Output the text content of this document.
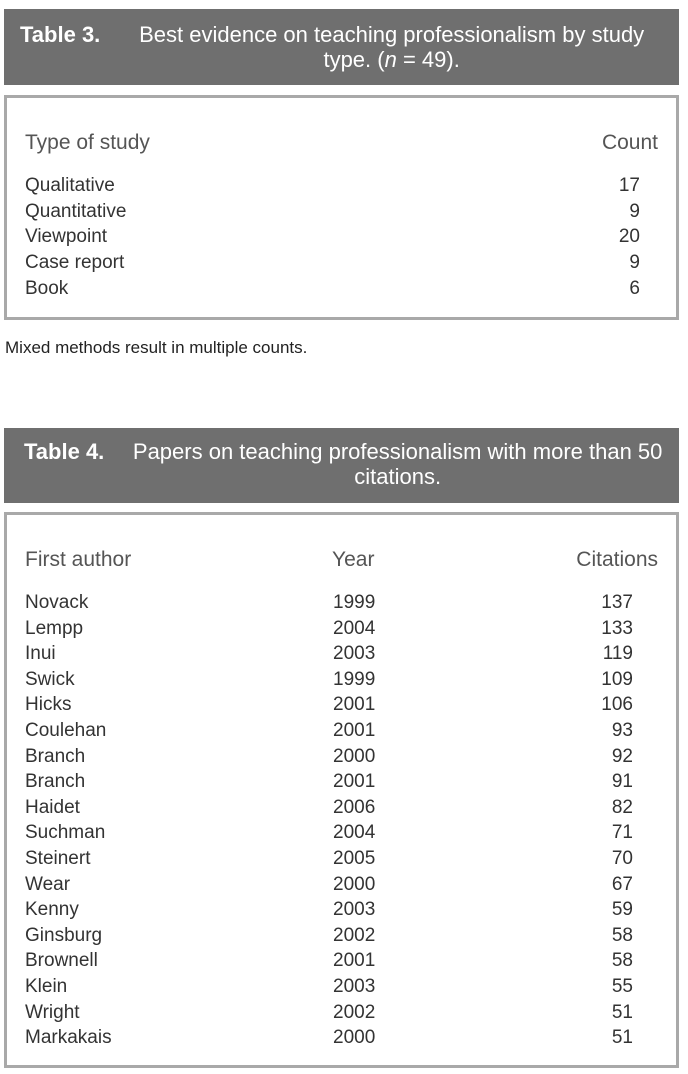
Table 3.	Best evidence on teaching professionalism by study type. (n = 49).
Type of study	Count
Qualitative	17
Quantitative	9
Viewpoint	20
Case report	9
Book	6
Mixed methods result in multiple counts.
Table 4.	Papers on teaching professionalism with more than 50 citations.
First author	Year	Citations
Novack	1999	137
Lempp	2004	133
Inui	2003	119
Swick	1999	109
Hicks	2001	106
Coulehan	2001	93
Branch	2000	92
Branch	2001	91
Haidet	2006	82
Suchman	2004	71
Steinert	2005	70
Wear	2000	67
Kenny	2003	59
Ginsburg	2002	58
Brownell	2001	58
Klein	2003	55
Wright	2002	51
Markakais	2000	51
